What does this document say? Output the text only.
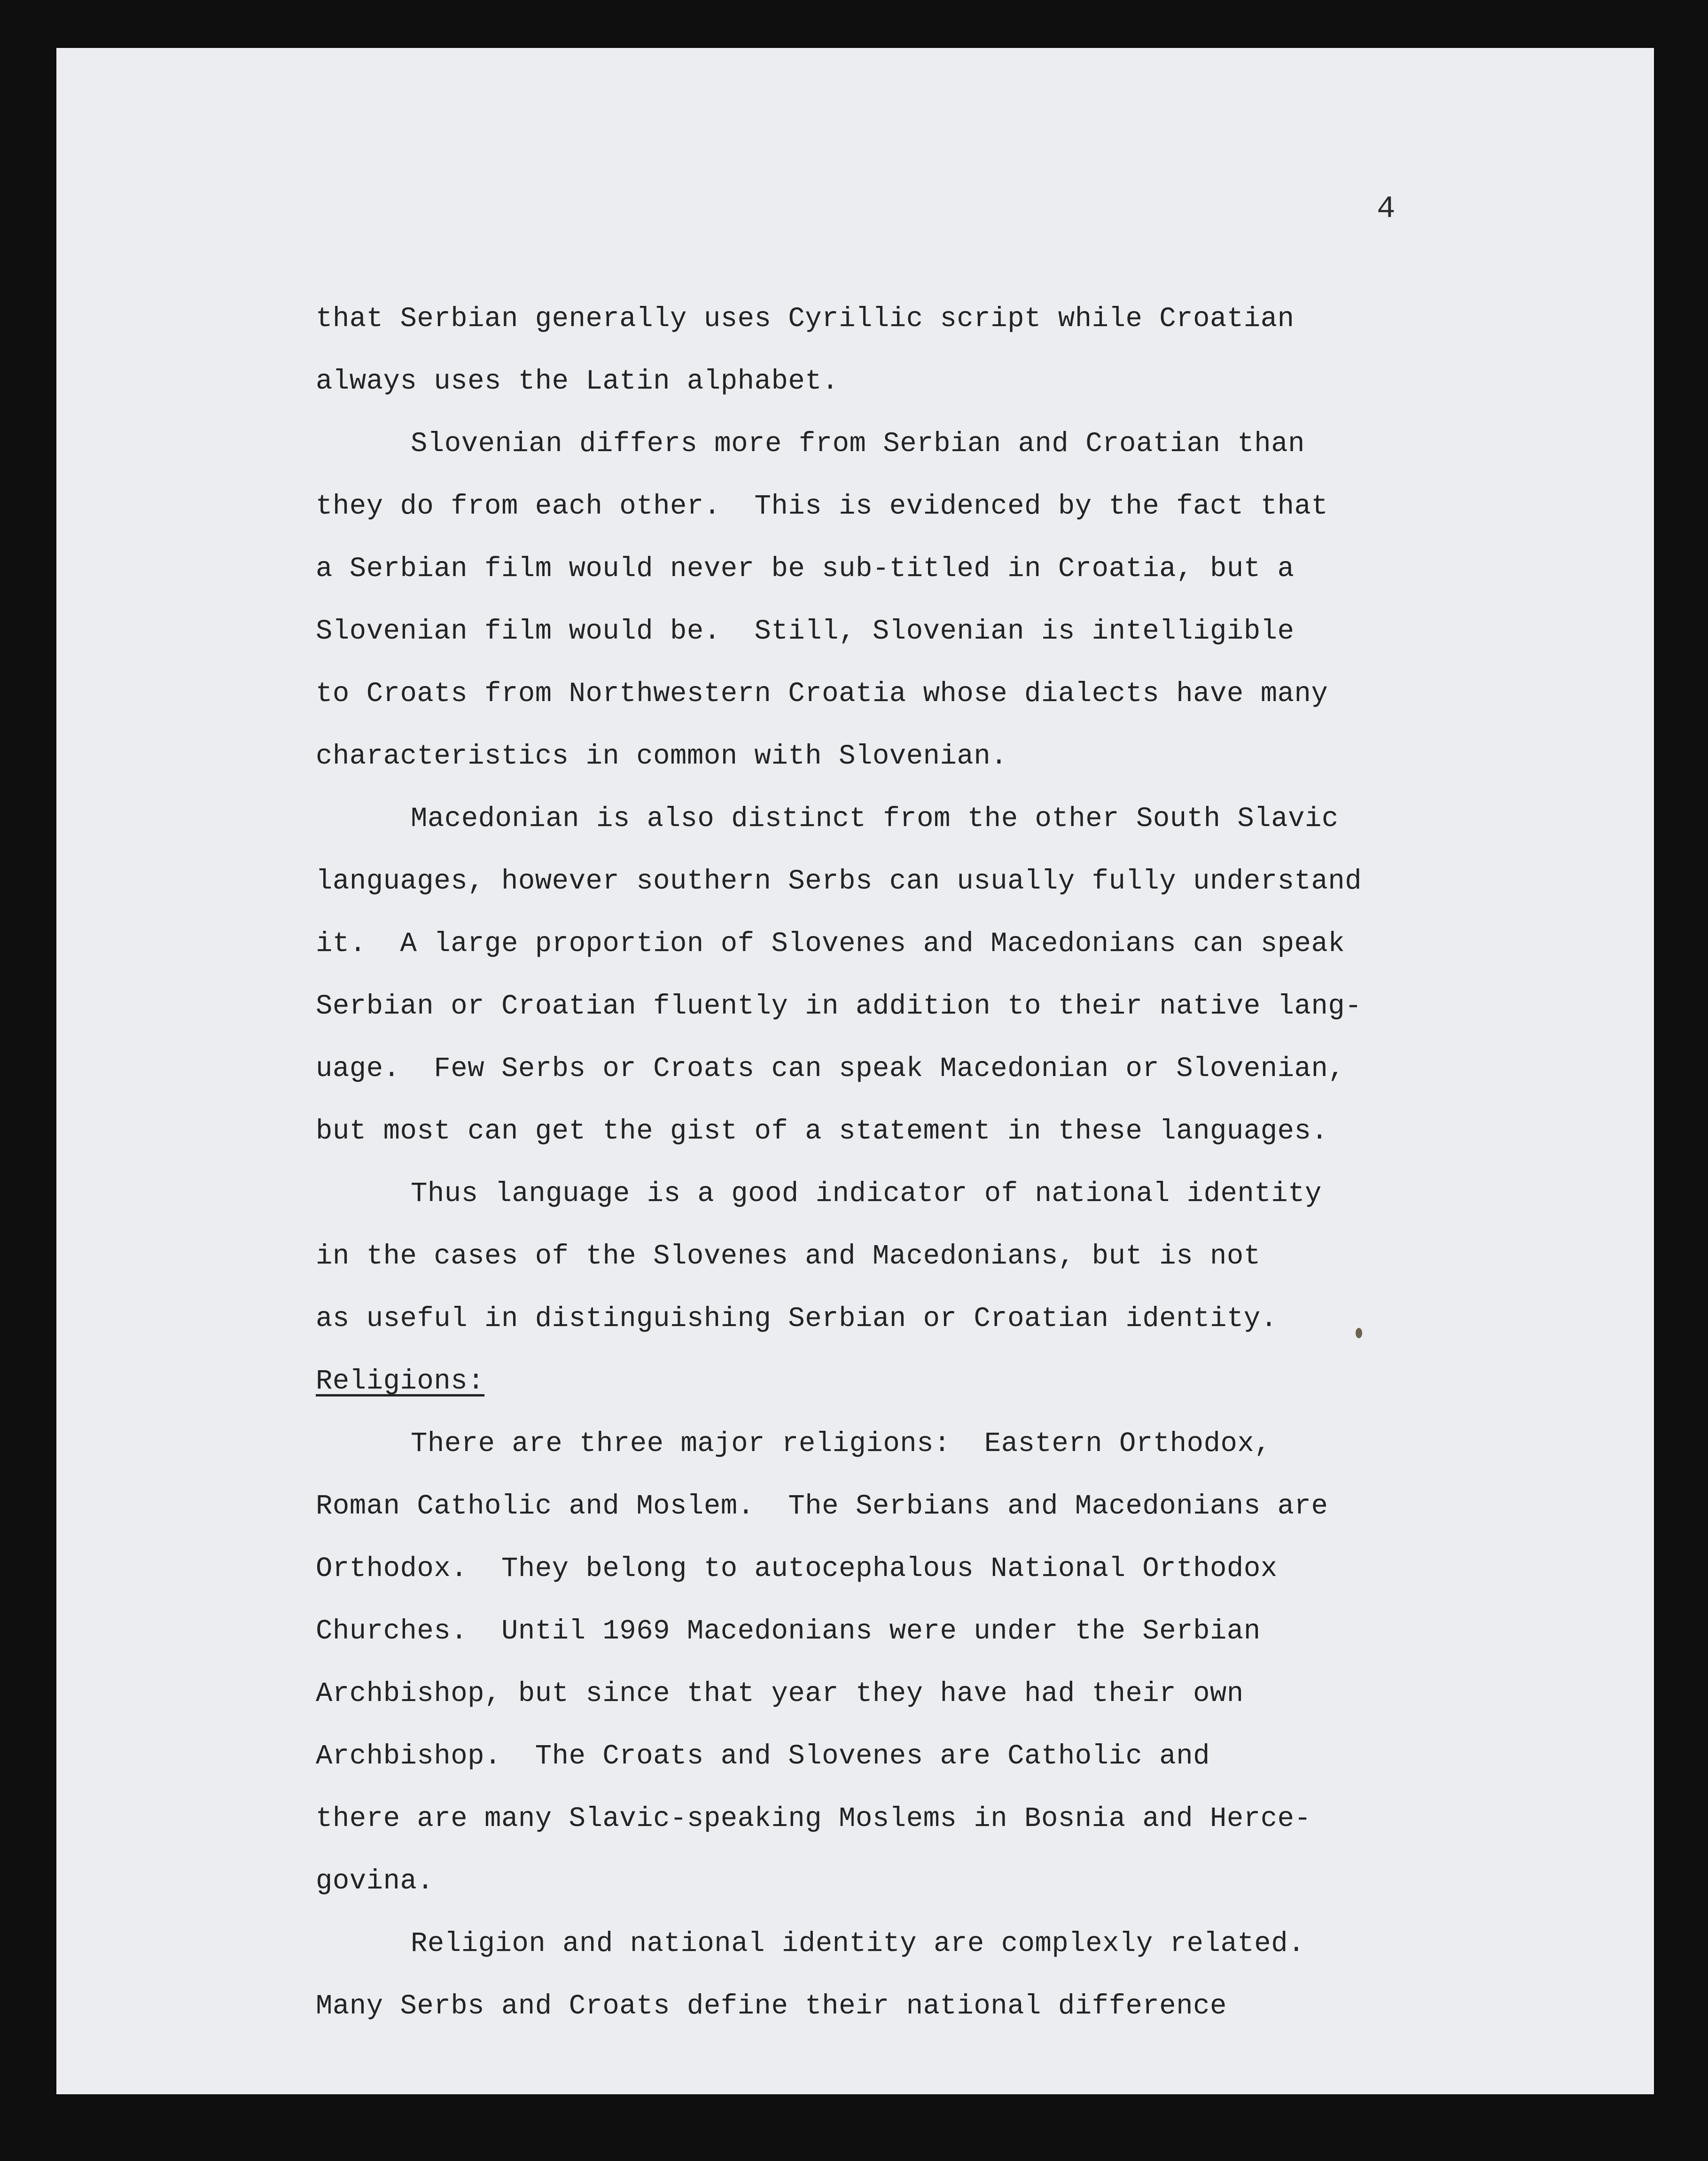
4

that Serbian generally uses Cyrillic script while Croatian

always uses the Latin alphabet.

Slovenian differs more from Serbian and Croatian than

they do from each other.  This is evidenced by the fact that

a Serbian film would never be sub-titled in Croatia, but a

Slovenian film would be.  Still, Slovenian is intelligible

to Croats from Northwestern Croatia whose dialects have many

characteristics in common with Slovenian.

Macedonian is also distinct from the other South Slavic

languages, however southern Serbs can usually fully understand

it.  A large proportion of Slovenes and Macedonians can speak

Serbian or Croatian fluently in addition to their native lang-

uage.  Few Serbs or Croats can speak Macedonian or Slovenian,

but most can get the gist of a statement in these languages.

Thus language is a good indicator of national identity

in the cases of the Slovenes and Macedonians, but is not

as useful in distinguishing Serbian or Croatian identity.

Religions:

There are three major religions:  Eastern Orthodox,

Roman Catholic and Moslem.  The Serbians and Macedonians are

Orthodox.  They belong to autocephalous National Orthodox

Churches.  Until 1969 Macedonians were under the Serbian

Archbishop, but since that year they have had their own

Archbishop.  The Croats and Slovenes are Catholic and

there are many Slavic-speaking Moslems in Bosnia and Herce-

govina.

Religion and national identity are complexly related.

Many Serbs and Croats define their national difference
